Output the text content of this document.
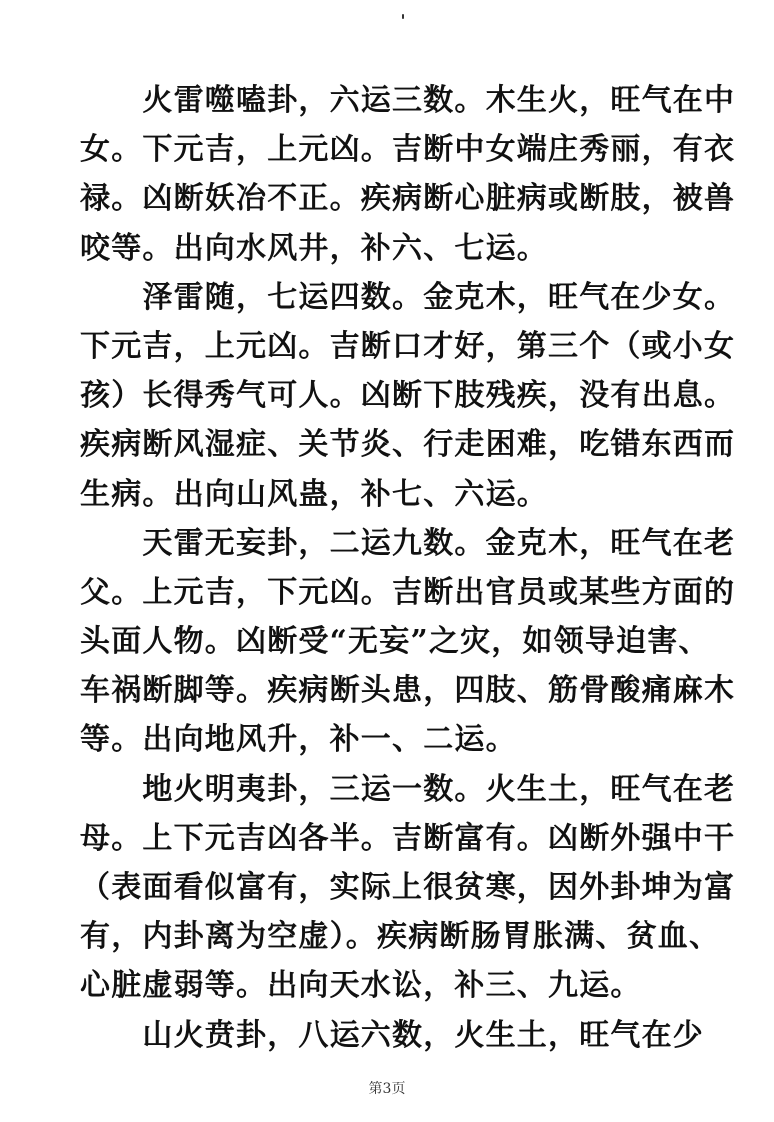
　　火雷噬嗑卦，六运三数。木生火，旺气在中
女。下元吉，上元凶。吉断中女端庄秀丽，有衣
禄。凶断妖冶不正。疾病断心脏病或断肢，被兽
咬等。出向水风井，补六、七运。
　　泽雷随，七运四数。金克木，旺气在少女。
下元吉，上元凶。吉断口才好，第三个（或小女
孩）长得秀气可人。凶断下肢残疾，没有出息。
疾病断风湿症、关节炎、行走困难，吃错东西而
生病。出向山风蛊，补七、六运。
　　天雷无妄卦，二运九数。金克木，旺气在老
父。上元吉，下元凶。吉断出官员或某些方面的
头面人物。凶断受“无妄”之灾，如领导迫害、
车祸断脚等。疾病断头患，四肢、筋骨酸痛麻木
等。出向地风升，补一、二运。
　　地火明夷卦，三运一数。火生土，旺气在老
母。上下元吉凶各半。吉断富有。凶断外强中干
（表面看似富有，实际上很贫寒，因外卦坤为富
有，内卦离为空虚）。疾病断肠胃胀满、贫血、
心脏虚弱等。出向天水讼，补三、九运。
　　山火贲卦，八运六数，火生土，旺气在少
第3页
